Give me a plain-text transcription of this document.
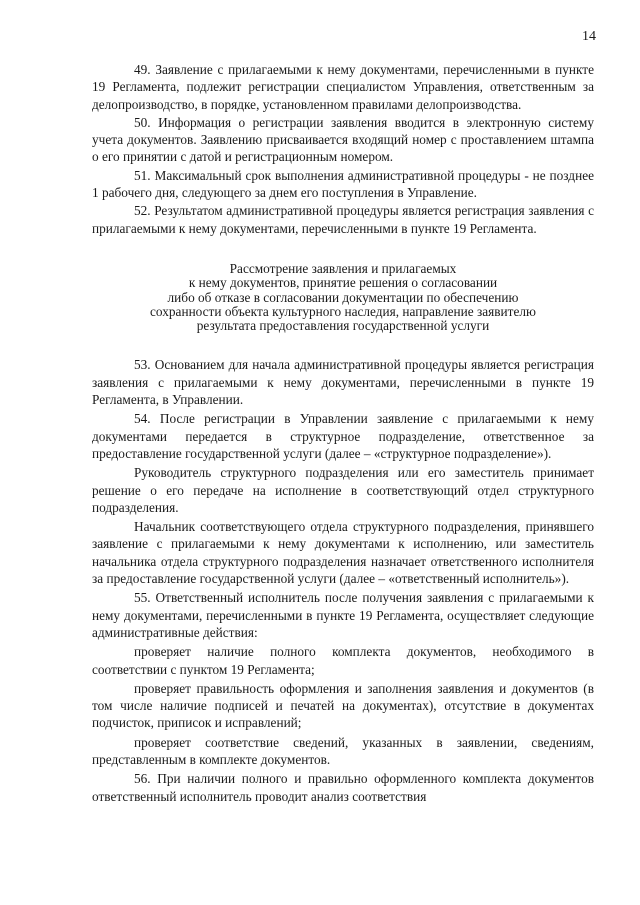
14

49. Заявление с прилагаемыми к нему документами, перечисленными в пункте 19 Регламента, подлежит регистрации специалистом Управления, ответственным за делопроизводство, в порядке, установленном правилами делопроизводства.

50. Информация о регистрации заявления вводится в электронную систему учета документов. Заявлению присваивается входящий номер с проставлением штампа о его принятии с датой и регистрационным номером.

51. Максимальный срок выполнения административной процедуры - не позднее 1 рабочего дня, следующего за днем его поступления в Управление.

52. Результатом административной процедуры является регистрация заявления с прилагаемыми к нему документами, перечисленными в пункте 19 Регламента.

Рассмотрение заявления и прилагаемых
к нему документов, принятие решения о согласовании
либо об отказе в согласовании документации по обеспечению
сохранности объекта культурного наследия, направление заявителю
результата предоставления государственной услуги

53. Основанием для начала административной процедуры является регистрация заявления с прилагаемыми к нему документами, перечисленными в пункте 19 Регламента, в Управлении.

54. После регистрации в Управлении заявление с прилагаемыми к нему документами передается в структурное подразделение, ответственное за предоставление государственной услуги (далее – «структурное подразделение»).

Руководитель структурного подразделения или его заместитель принимает решение о его передаче на исполнение в соответствующий отдел структурного подразделения.

Начальник соответствующего отдела структурного подразделения, принявшего заявление с прилагаемыми к нему документами к исполнению, или заместитель начальника отдела структурного подразделения назначает ответственного исполнителя за предоставление государственной услуги (далее – «ответственный исполнитель»).

55. Ответственный исполнитель после получения заявления с прилагаемыми к нему документами, перечисленными в пункте 19 Регламента, осуществляет следующие административные действия:

проверяет наличие полного комплекта документов, необходимого в соответствии с пунктом 19 Регламента;

проверяет правильность оформления и заполнения заявления и документов (в том числе наличие подписей и печатей на документах), отсутствие в документах подчисток, приписок и исправлений;

проверяет соответствие сведений, указанных в заявлении, сведениям, представленным в комплекте документов.

56. При наличии полного и правильно оформленного комплекта документов ответственный исполнитель проводит анализ соответствия
